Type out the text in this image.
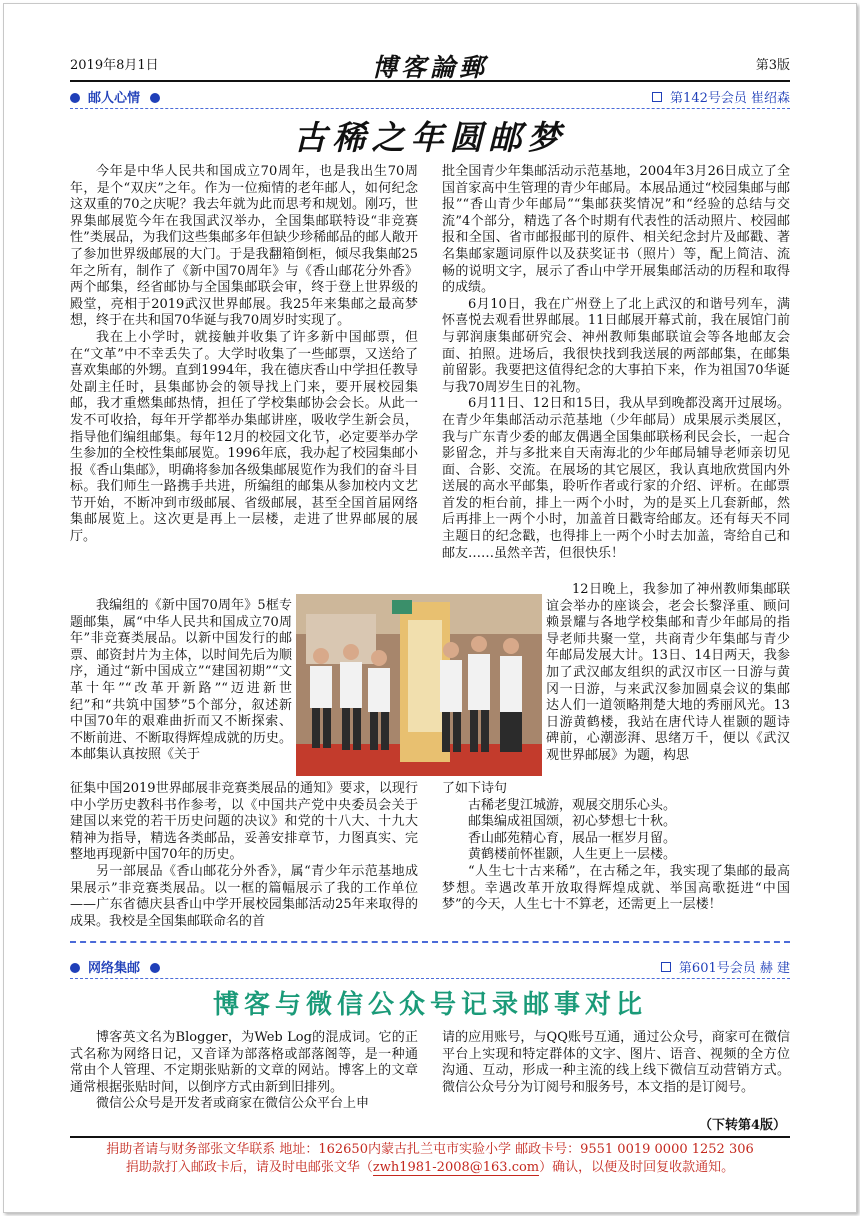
2019年8月1日	博客論郵	第3版
邮人心情	第142号会员 崔绍森
古稀之年圆邮梦

今年是中华人民共和国成立70周年，也是我出生70周年，是个“双庆”之年。作为一位痴情的老年邮人，如何纪念这双重的70之庆呢？我去年就为此而思考和规划。刚巧，世界集邮展览今年在我国武汉举办，全国集邮联特设“非竞赛性”类展品，为我们这些集邮多年但缺少珍稀邮品的邮人敞开了参加世界级邮展的大门。于是我翻箱倒柜，倾尽我集邮25年之所有，制作了《新中国70周年》与《香山邮花分外香》两个邮集，经省邮协与全国集邮联会审，终于登上世界级的殿堂，亮相于2019武汉世界邮展。我25年来集邮之最高梦想，终于在共和国70华诞与我70周岁时实现了。

我在上小学时，就接触并收集了许多新中国邮票，但在“文革”中不幸丢失了。大学时收集了一些邮票，又送给了喜欢集邮的外甥。直到1994年，我在德庆香山中学担任教导处副主任时，县集邮协会的领导找上门来，要开展校园集邮，我才重燃集邮热情，担任了学校集邮协会会长。从此一发不可收拾，每年开学都举办集邮讲座，吸收学生新会员，指导他们编组邮集。每年12月的校园文化节，必定要举办学生参加的全校性集邮展览。1996年底，我办起了校园集邮小报《香山集邮》，明确将参加各级集邮展览作为我们的奋斗目标。我们师生一路携手共进，所编组的邮集从参加校内文艺节开始，不断冲到市级邮展、省级邮展，甚至全国首届网络集邮展览上。这次更是再上一层楼，走进了世界邮展的展厅。

我编组的《新中国70周年》5框专题邮集，属“中华人民共和国成立70周年”非竞赛类展品。以新中国发行的邮票、邮资封片为主体，以时间先后为顺序，通过“新中国成立”“建国初期”“文革十年”“改革开新路”“迈进新世纪”和“共筑中国梦”5个部分，叙述新中国70年的艰难曲折而又不断探索、不断前进、不断取得辉煌成就的历史。本邮集认真按照《关于

征集中国2019世界邮展非竞赛类展品的通知》要求，以现行中小学历史教科书作参考，以《中国共产党中央委员会关于建国以来党的若干历史问题的决议》和党的十八大、十九大精神为指导，精选各类邮品，妥善安排章节，力图真实、完整地再现新中国70年的历史。

另一部展品《香山邮花分外香》，属“青少年示范基地成果展示”非竞赛类展品。以一框的篇幅展示了我的工作单位——广东省德庆县香山中学开展校园集邮活动25年来取得的成果。我校是全国集邮联命名的首

批全国青少年集邮活动示范基地，2004年3月26日成立了全国首家高中生管理的青少年邮局。本展品通过“校园集邮与邮报”“香山青少年邮局”“集邮获奖情况”和“经验的总结与交流”4个部分，精选了各个时期有代表性的活动照片、校园邮报和全国、省市邮报邮刊的原件、相关纪念封片及邮戳、著名集邮家题词原件以及获奖证书（照片）等，配上简洁、流畅的说明文字，展示了香山中学开展集邮活动的历程和取得的成绩。

6月10日，我在广州登上了北上武汉的和谐号列车，满怀喜悦去观看世界邮展。11日邮展开幕式前，我在展馆门前与郭润康集邮研究会、神州教师集邮联谊会等各地邮友会面、拍照。进场后，我很快找到我送展的两部邮集，在邮集前留影。我要把这值得纪念的大事拍下来，作为祖国70华诞与我70周岁生日的礼物。

6月11日、12日和15日，我从早到晚都没离开过展场。在青少年集邮活动示范基地（少年邮局）成果展示类展区，我与广东青少委的邮友偶遇全国集邮联杨利民会长，一起合影留念，并与多批来自天南海北的少年邮局辅导老师亲切见面、合影、交流。在展场的其它展区，我认真地欣赏国内外送展的高水平邮集，聆听作者或行家的介绍、评析。在邮票首发的柜台前，排上一两个小时，为的是买上几套新邮，然后再排上一两个小时，加盖首日戳寄给邮友。还有每天不同主题日的纪念戳，也得排上一两个小时去加盖，寄给自己和邮友……虽然辛苦，但很快乐！

12日晚上，我参加了神州教师集邮联谊会举办的座谈会，老会长黎泽重、顾问赖景耀与各地学校集邮和青少年邮局的指导老师共聚一堂，共商青少年集邮与青少年邮局发展大计。13日、14日两天，我参加了武汉邮友组织的武汉市区一日游与黄冈一日游，与来武汉参加圆桌会议的集邮达人们一道领略荆楚大地的秀丽风光。13日游黄鹤楼，我站在唐代诗人崔颢的题诗碑前，心潮澎湃、思绪万千，便以《武汉观世界邮展》为题，构思

了如下诗句

古稀老叟江城游，观展交朋乐心头。
邮集编成祖国颂，初心梦想七十秋。
香山邮苑精心育，展品一框岁月留。
黄鹤楼前怀崔颢，人生更上一层楼。

“人生七十古来稀”，在古稀之年，我实现了集邮的最高梦想。幸遇改革开放取得辉煌成就、举国高歌挺进“中国梦”的今天，人生七十不算老，还需更上一层楼！

网络集邮	第601号会员 赫 建
博客与微信公众号记录邮事对比

博客英文名为Blogger，为Web Log的混成词。它的正式名称为网络日记，又音译为部落格或部落阁等，是一种通常由个人管理、不定期张贴新的文章的网站。博客上的文章通常根据张贴时间，以倒序方式由新到旧排列。

微信公众号是开发者或商家在微信公众平台上申

请的应用账号，与QQ账号互通，通过公众号，商家可在微信平台上实现和特定群体的文字、图片、语音、视频的全方位沟通、互动，形成一种主流的线上线下微信互动营销方式。微信公众号分为订阅号和服务号，本文指的是订阅号。

（下转第4版）
捐助者请与财务部张文华联系 地址：162650内蒙古扎兰屯市实验小学 邮政卡号：9551 0019 0000 1252 306
捐助款打入邮政卡后，请及时电邮张文华（zwh1981-2008@163.com）确认，以便及时回复收款通知。
